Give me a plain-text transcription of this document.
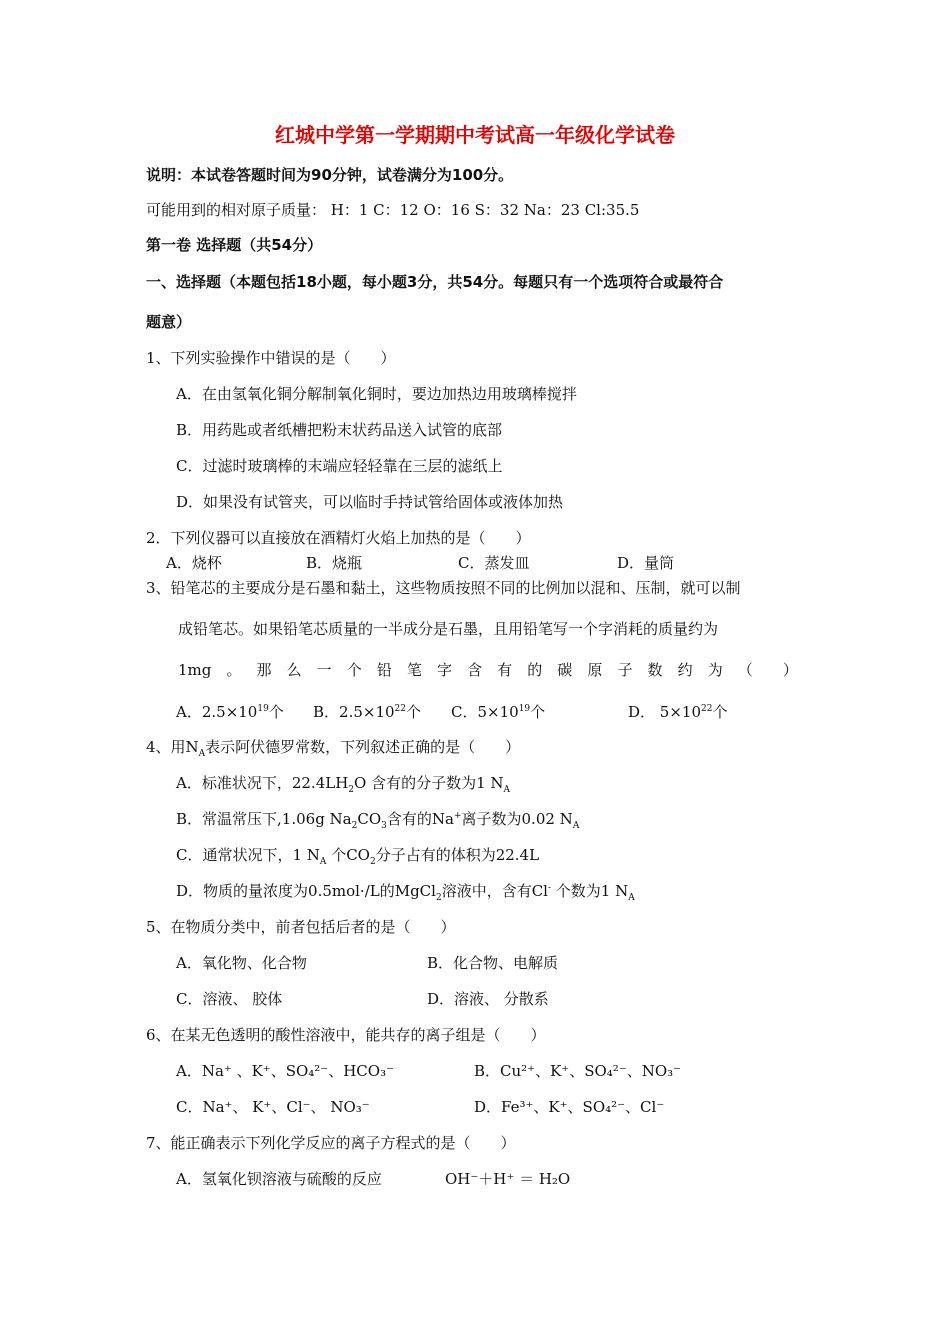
红城中学第一学期期中考试高一年级化学试卷
说明：本试卷答题时间为90分钟，试卷满分为100分。
可能用到的相对原子质量： H：1 C：12 O：16 S：32 Na：23 Cl:35.5
第一卷 选择题（共54分）
一、选择题（本题包括18小题，每小题3分，共54分。每题只有一个选项符合或最符合
题意）
1、下列实验操作中错误的是（　　）
A．在由氢氧化铜分解制氧化铜时，要边加热边用玻璃棒搅拌
B．用药匙或者纸槽把粉末状药品送入试管的底部
C．过滤时玻璃棒的末端应轻轻靠在三层的滤纸上
D．如果没有试管夹，可以临时手持试管给固体或液体加热
2．下列仪器可以直接放在酒精灯火焰上加热的是（　　）
A．烧杯	B．烧瓶	C．蒸发皿	D．量筒
3、铅笔芯的主要成分是石墨和黏土，这些物质按照不同的比例加以混和、压制，就可以制
成铅笔芯。如果铅笔芯质量的一半成分是石墨，且用铅笔写一个字消耗的质量约为
1mg 。 那 么 一 个 铅 笔 字 含 有 的 碳 原 子 数 约 为 （ ）
A．$2.5\times 10^{19}$个 B．$2.5\times 10^{22}$个 C．$5\times 10^{19}$个	D． $5\times 10^{22}$个
4、用$N_A$表示阿伏德罗常数，下列叙述正确的是（　　）
A．标准状况下，$22.4LH_2O$ 含有的分子数为1 $N_A$
B．常温常压下,1.06g $Na_2CO_3$含有的Na+离子数为0.02 $N_A$
C．通常状况下，1 $N_A$ 个$CO_2$分子占有的体积为22.4L
D．物质的量浓度为0.5mol·/L的MgCl$_2$溶液中，含有Cl- 个数为1 $N_A$
5、在物质分类中，前者包括后者的是（　　）
A．氧化物、化合物	B．化合物、电解质
C．溶液、 胶体	D．溶液、 分散系
6、在某无色透明的酸性溶液中，能共存的离子组是（　　）
A．Na⁺ 、K⁺、SO₄²⁻、HCO₃⁻	B．Cu²⁺、K⁺、SO₄²⁻、NO₃⁻
C．Na⁺、 K⁺、Cl⁻、 NO₃⁻	D．Fe³⁺、K⁺、SO₄²⁻、Cl⁻
7、能正确表示下列化学反应的离子方程式的是（　　）
A．氢氧化钡溶液与硫酸的反应	OH⁻＋H⁺ ＝ H₂O
